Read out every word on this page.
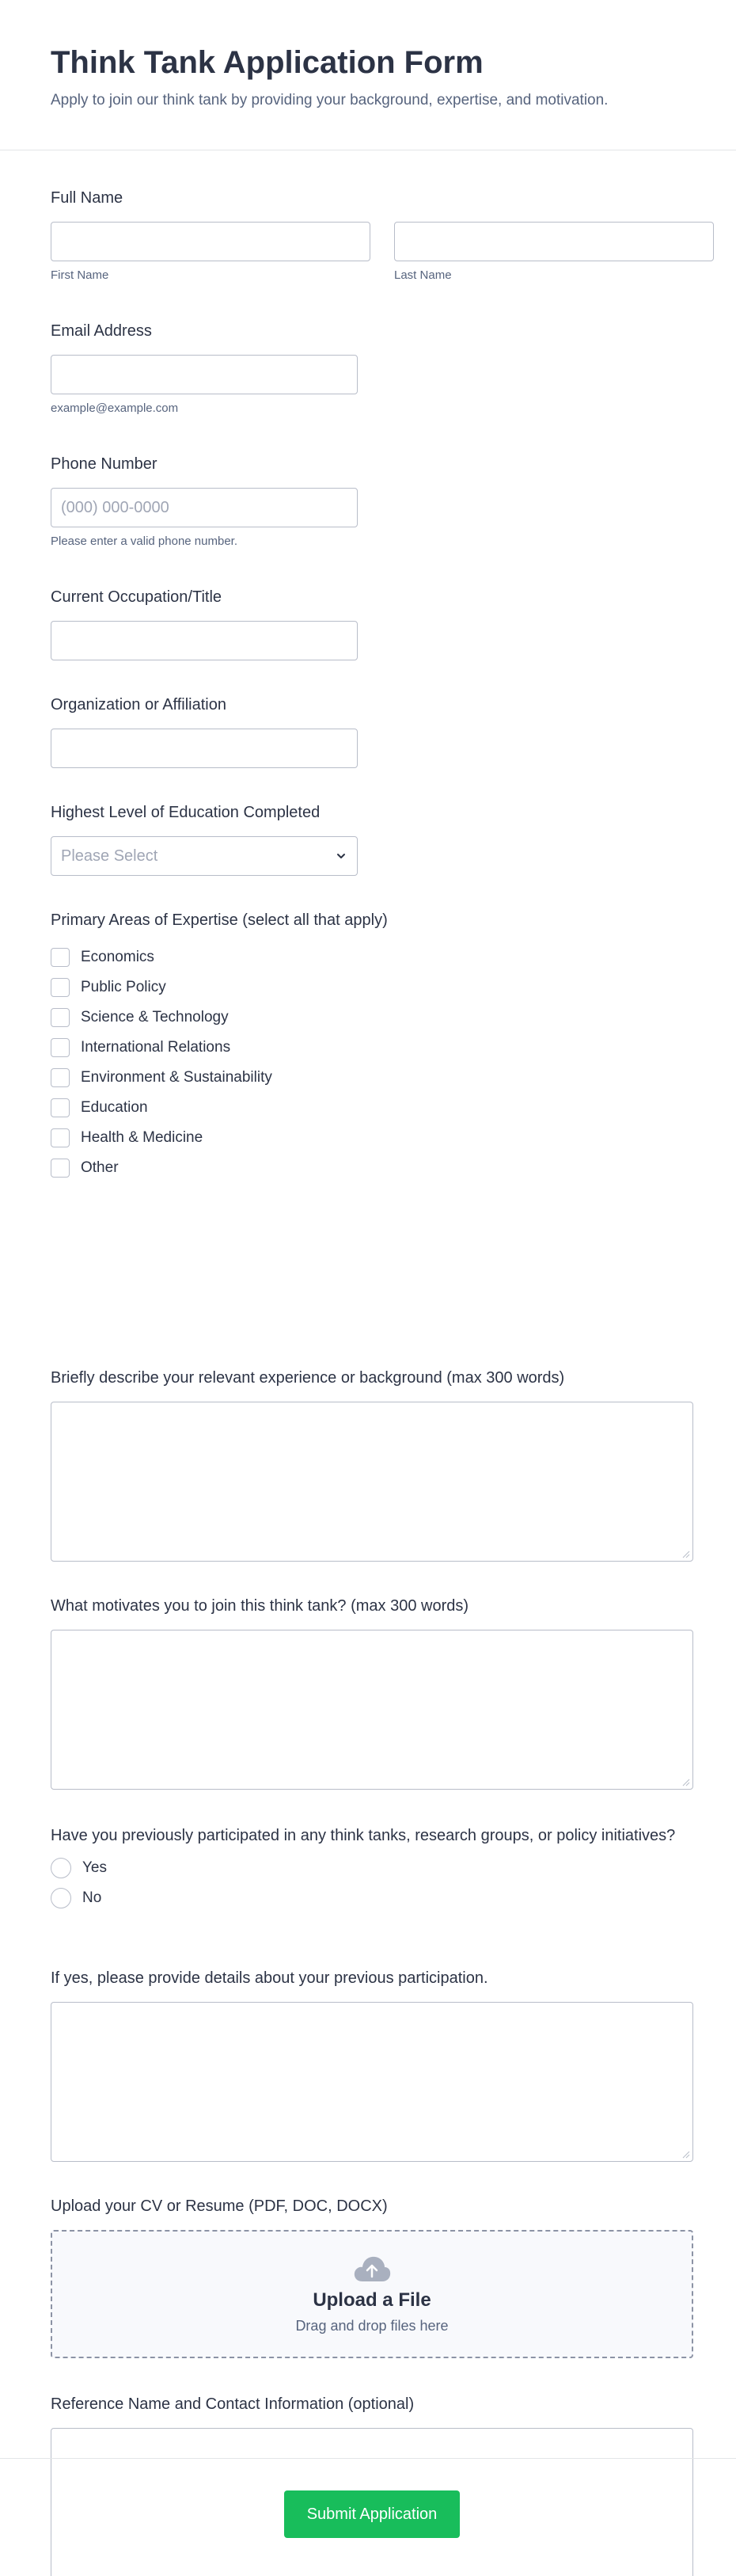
Think Tank Application Form

Apply to join our think tank by providing your background, expertise, and motivation.

Full Name
First Name	Last Name
Email Address
example@example.com
Phone Number
(000) 000-0000
Please enter a valid phone number.
Current Occupation/Title
Organization or Affiliation
Highest Level of Education Completed
Please Select
Primary Areas of Expertise (select all that apply)
Economics
Public Policy
Science & Technology
International Relations
Environment & Sustainability
Education
Health & Medicine
Other
Briefly describe your relevant experience or background (max 300 words)
What motivates you to join this think tank? (max 300 words)
Have you previously participated in any think tanks, research groups, or policy initiatives?
Yes
No
If yes, please provide details about your previous participation.
Upload your CV or Resume (PDF, DOC, DOCX)
Upload a File
Drag and drop files here
Reference Name and Contact Information (optional)
Submit Application
